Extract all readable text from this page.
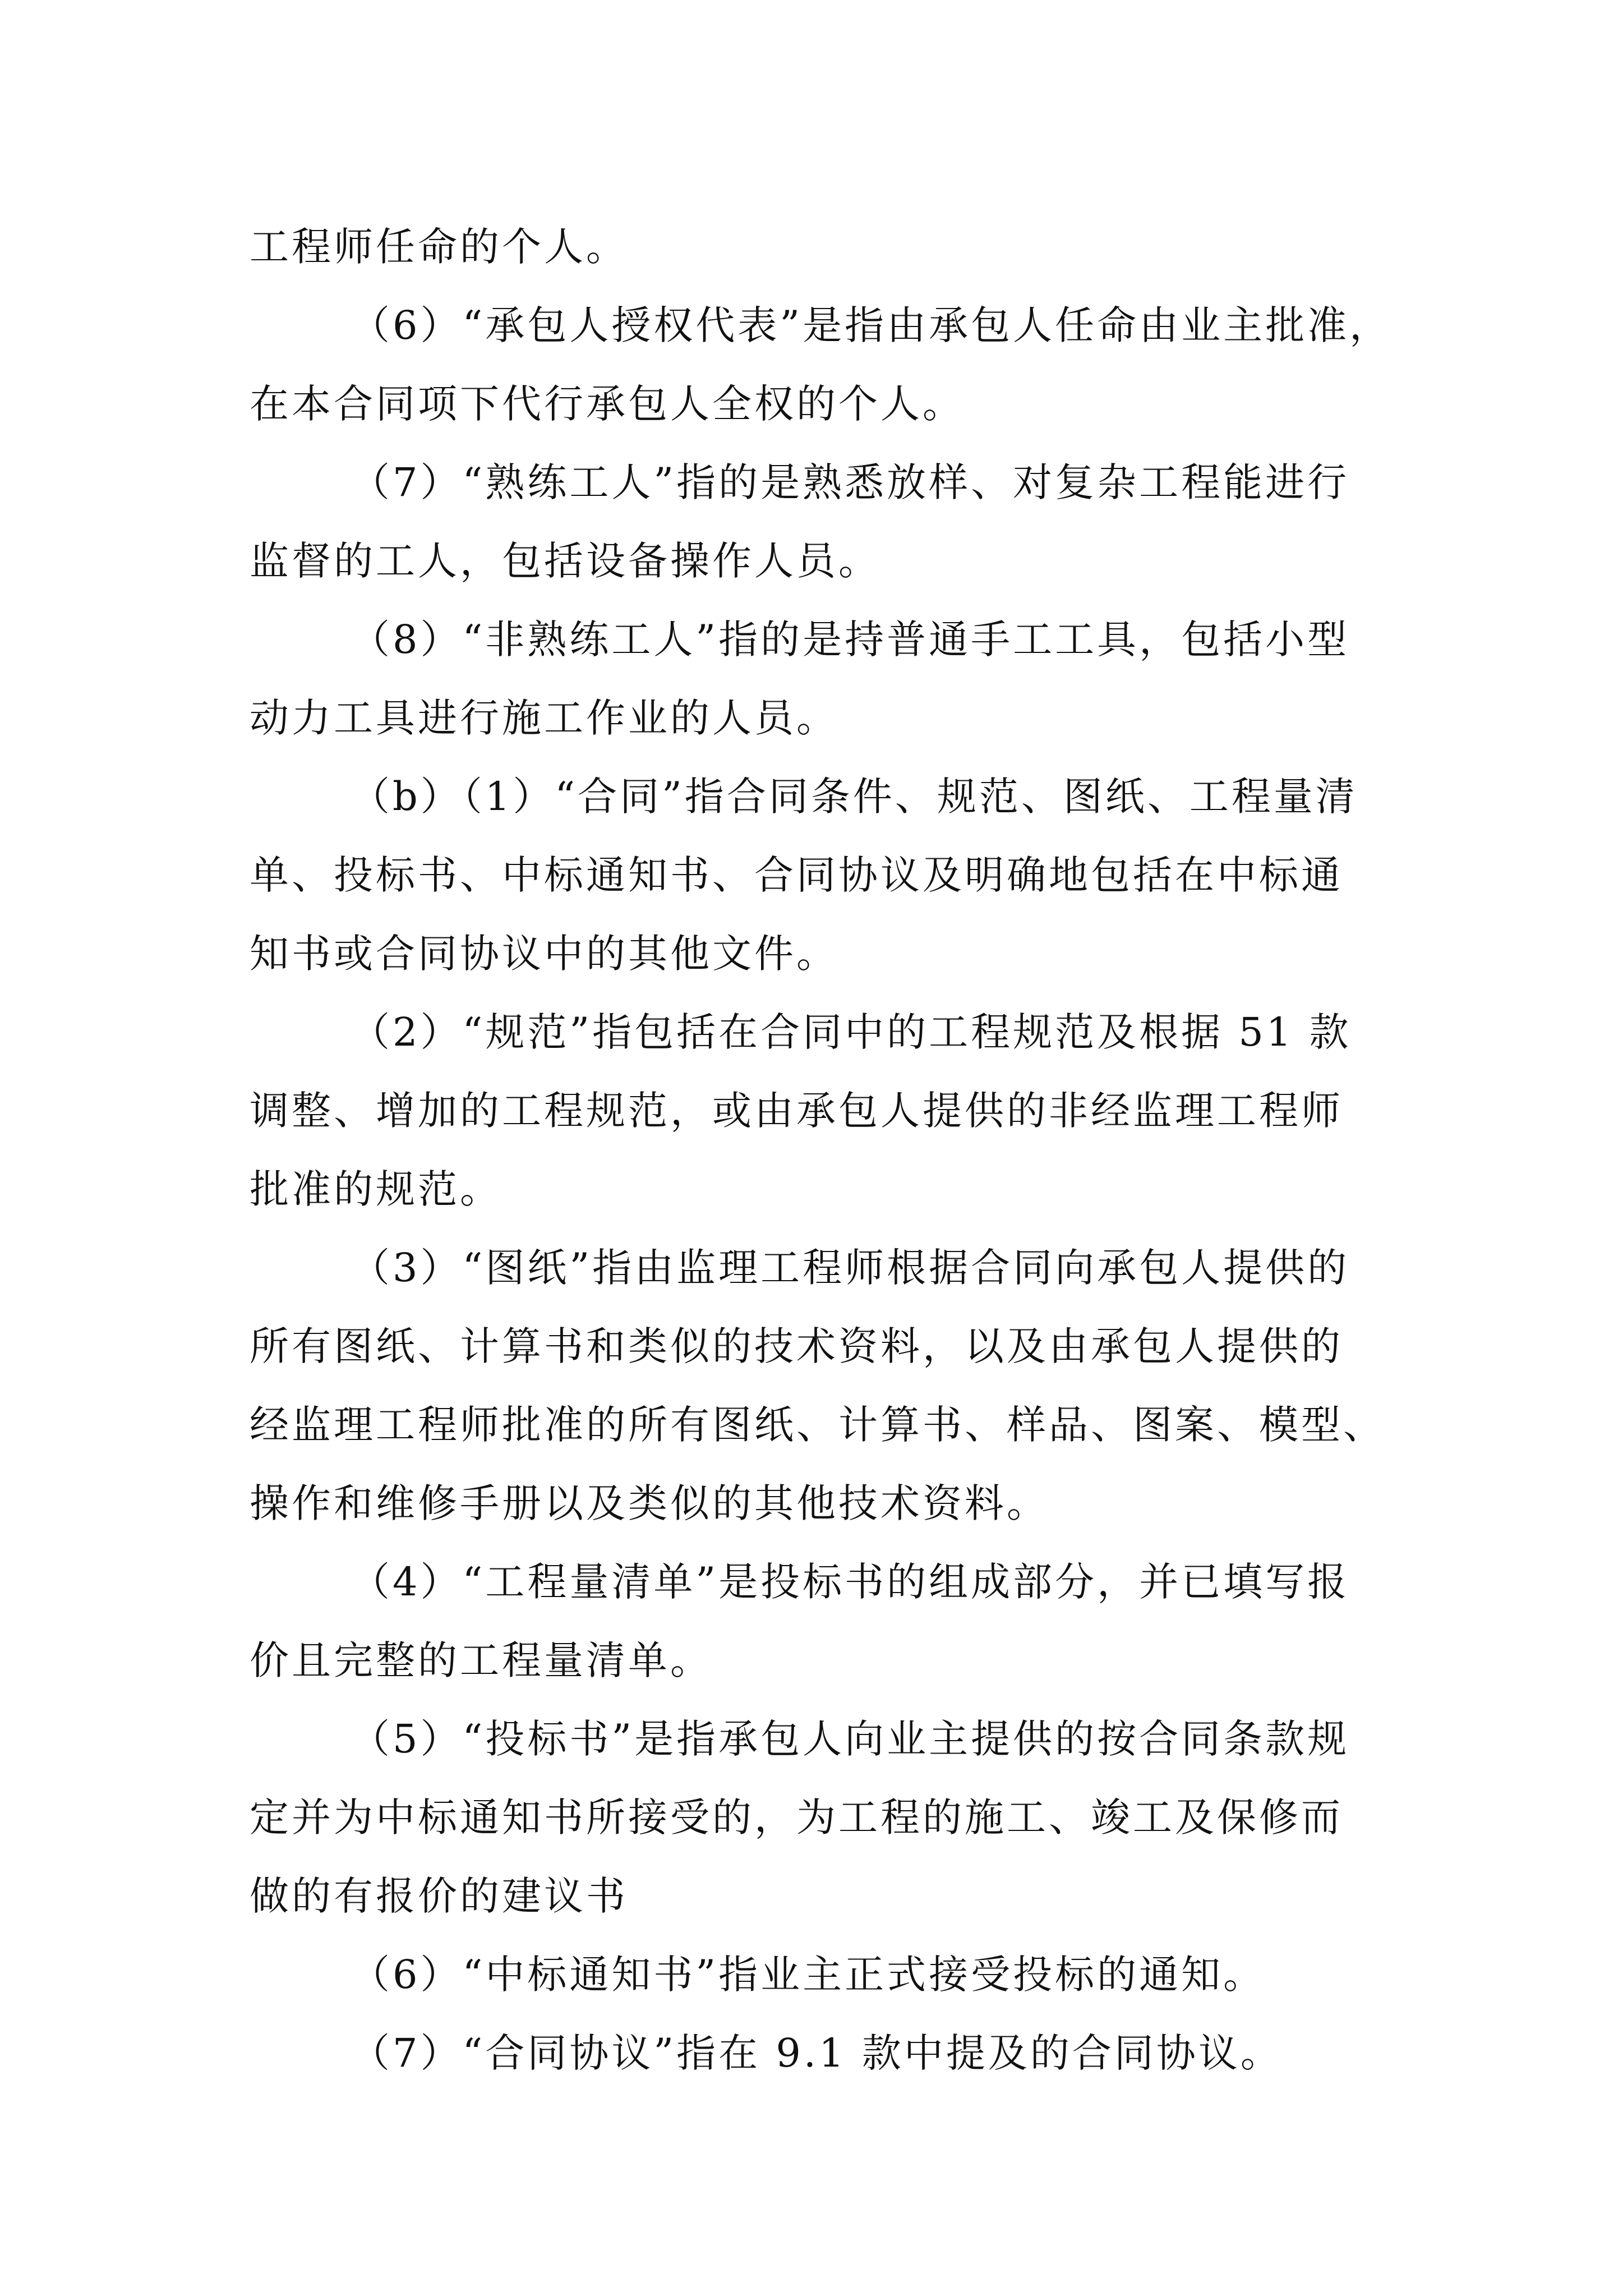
工程师任命的个人。
（6）“承包人授权代表”是指由承包人任命由业主批准，
在本合同项下代行承包人全权的个人。
（7）“熟练工人”指的是熟悉放样、对复杂工程能进行
监督的工人，包括设备操作人员。
（8）“非熟练工人”指的是持普通手工工具，包括小型
动力工具进行施工作业的人员。
（b）（1）“合同”指合同条件、规范、图纸、工程量清
单、投标书、中标通知书、合同协议及明确地包括在中标通
知书或合同协议中的其他文件。
（2）“规范”指包括在合同中的工程规范及根据 51 款
调整、增加的工程规范，或由承包人提供的非经监理工程师
批准的规范。
（3）“图纸”指由监理工程师根据合同向承包人提供的
所有图纸、计算书和类似的技术资料，以及由承包人提供的
经监理工程师批准的所有图纸、计算书、样品、图案、模型、
操作和维修手册以及类似的其他技术资料。
（4）“工程量清单”是投标书的组成部分，并已填写报
价且完整的工程量清单。
（5）“投标书”是指承包人向业主提供的按合同条款规
定并为中标通知书所接受的，为工程的施工、竣工及保修而
做的有报价的建议书
（6）“中标通知书”指业主正式接受投标的通知。
（7）“合同协议”指在 9.1 款中提及的合同协议。
